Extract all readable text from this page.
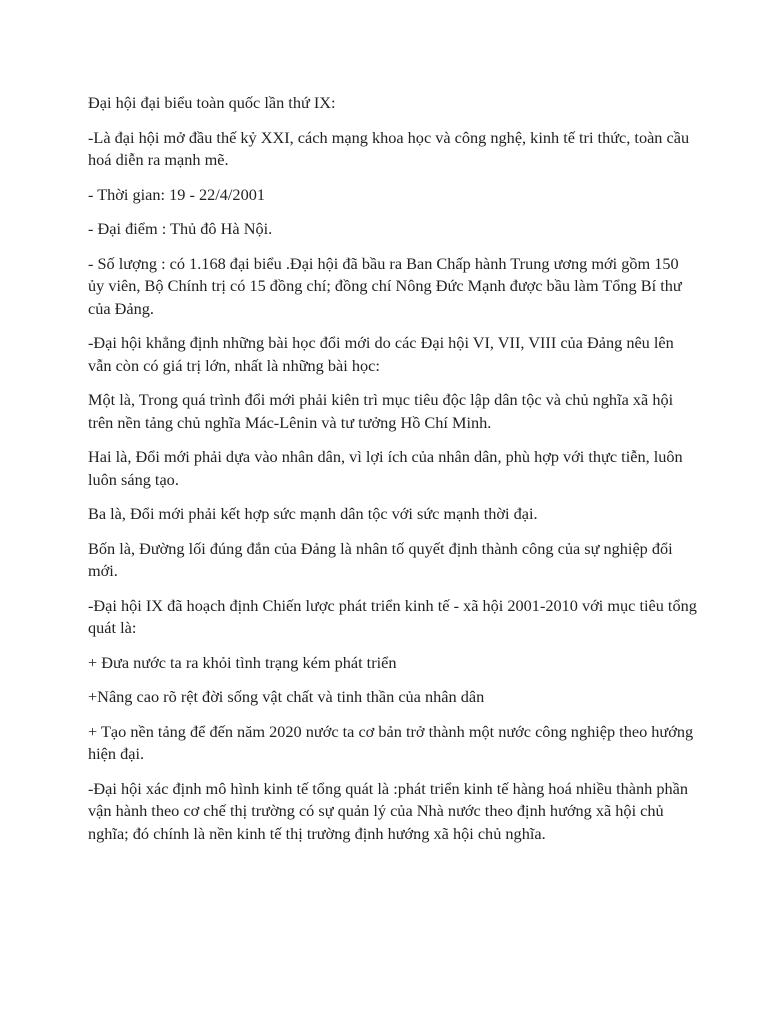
Đại hội đại biểu toàn quốc lần thứ IX:

-Là đại hội mở đầu thế kỷ XXI, cách mạng khoa học và công nghệ, kinh tế tri thức, toàn cầu hoá diễn ra mạnh mẽ.

- Thời gian: 19 - 22/4/2001

- Đại điểm : Thủ đô Hà Nội.

- Số lượng : có 1.168 đại biểu .Đại hội đã bầu ra Ban Chấp hành Trung ương mới gồm 150 ủy viên, Bộ Chính trị có 15 đồng chí; đồng chí Nông Đức Mạnh được bầu làm Tổng Bí thư của Đảng.

-Đại hội khẳng định những bài học đổi mới do các Đại hội VI, VII, VIII của Đảng nêu lên vẫn còn có giá trị lớn, nhất là những bài học:

Một là, Trong quá trình đổi mới phải kiên trì mục tiêu độc lập dân tộc và chủ nghĩa xã hội trên nền tảng chủ nghĩa Mác-Lênin và tư tưởng Hồ Chí Minh.

Hai là, Đổi mới phải dựa vào nhân dân, vì lợi ích của nhân dân, phù hợp với thực tiễn, luôn luôn sáng tạo.

Ba là, Đổi mới phải kết hợp sức mạnh dân tộc với sức mạnh thời đại.

Bốn là, Đường lối đúng đắn của Đảng là nhân tố quyết định thành công của sự nghiệp đổi mới.

-Đại hội IX đã hoạch định Chiến lược phát triển kinh tế - xã hội 2001-2010 với mục tiêu tổng quát là:

+ Đưa nước ta ra khỏi tình trạng kém phát triển

+Nâng cao rõ rệt đời sống vật chất và tinh thần của nhân dân

+ Tạo nền tảng để đến năm 2020 nước ta cơ bản trở thành một nước công nghiệp theo hướng hiện đại.

-Đại hội xác định mô hình kinh tế tổng quát là :phát triển kinh tế hàng hoá nhiều thành phần vận hành theo cơ chế thị trường có sự quản lý của Nhà nước theo định hướng xã hội chủ nghĩa; đó chính là nền kinh tế thị trường định hướng xã hội chủ nghĩa.
